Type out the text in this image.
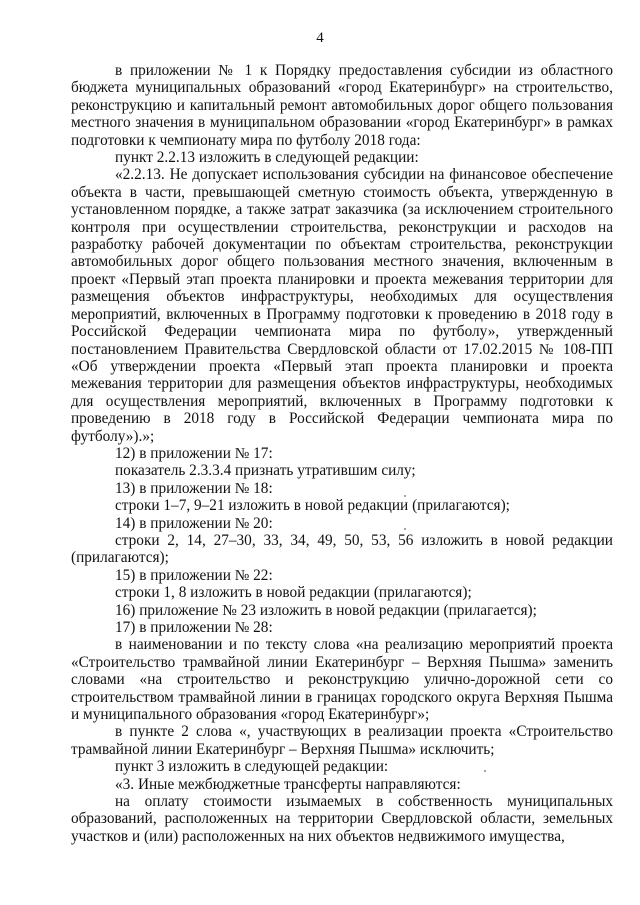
4

в приложении № 1 к Порядку предоставления субсидии из областного бюджета муниципальных образований «город Екатеринбург» на строительство, реконструкцию и капитальный ремонт автомобильных дорог общего пользования местного значения в муниципальном образовании «город Екатеринбург» в рамках подготовки к чемпионату мира по футболу 2018 года:

пункт 2.2.13 изложить в следующей редакции:

«2.2.13. Не допускает использования субсидии на финансовое обеспечение объекта в части, превышающей сметную стоимость объекта, утвержденную в установленном порядке, а также затрат заказчика (за исключением строительного контроля при осуществлении строительства, реконструкции и расходов на разработку рабочей документации по объектам строительства, реконструкции автомобильных дорог общего пользования местного значения, включенным в проект «Первый этап проекта планировки и проекта межевания территории для размещения объектов инфраструктуры, необходимых для осуществления мероприятий, включенных в Программу подготовки к проведению в 2018 году в Российской Федерации чемпионата мира по футболу», утвержденный постановлением Правительства Свердловской области от 17.02.2015 № 108-ПП «Об утверждении проекта «Первый этап проекта планировки и проекта межевания территории для размещения объектов инфраструктуры, необходимых для осуществления мероприятий, включенных в Программу подготовки к проведению в 2018 году в Российской Федерации чемпионата мира по футболу»).»;

12) в приложении № 17:

показатель 2.3.3.4 признать утратившим силу;

13) в приложении № 18:

строки 1–7, 9–21 изложить в новой редакции (прилагаются);

14) в приложении № 20:

строки 2, 14, 27–30, 33, 34, 49, 50, 53, 56 изложить в новой редакции (прилагаются);

15) в приложении № 22:

строки 1, 8 изложить в новой редакции (прилагаются);

16) приложение № 23 изложить в новой редакции (прилагается);

17) в приложении № 28:

в наименовании и по тексту слова «на реализацию мероприятий проекта «Строительство трамвайной линии Екатеринбург – Верхняя Пышма» заменить словами «на строительство и реконструкцию улично-дорожной сети со строительством трамвайной линии в границах городского округа Верхняя Пышма и муниципального образования «город Екатеринбург»;

в пункте 2 слова «, участвующих в реализации проекта «Строительство трамвайной линии Екатеринбург – Верхняя Пышма» исключить;

пункт 3 изложить в следующей редакции:

«3. Иные межбюджетные трансферты направляются:

на оплату стоимости изымаемых в собственность муниципальных образований, расположенных на территории Свердловской области, земельных участков и (или) расположенных на них объектов недвижимого имущества,
